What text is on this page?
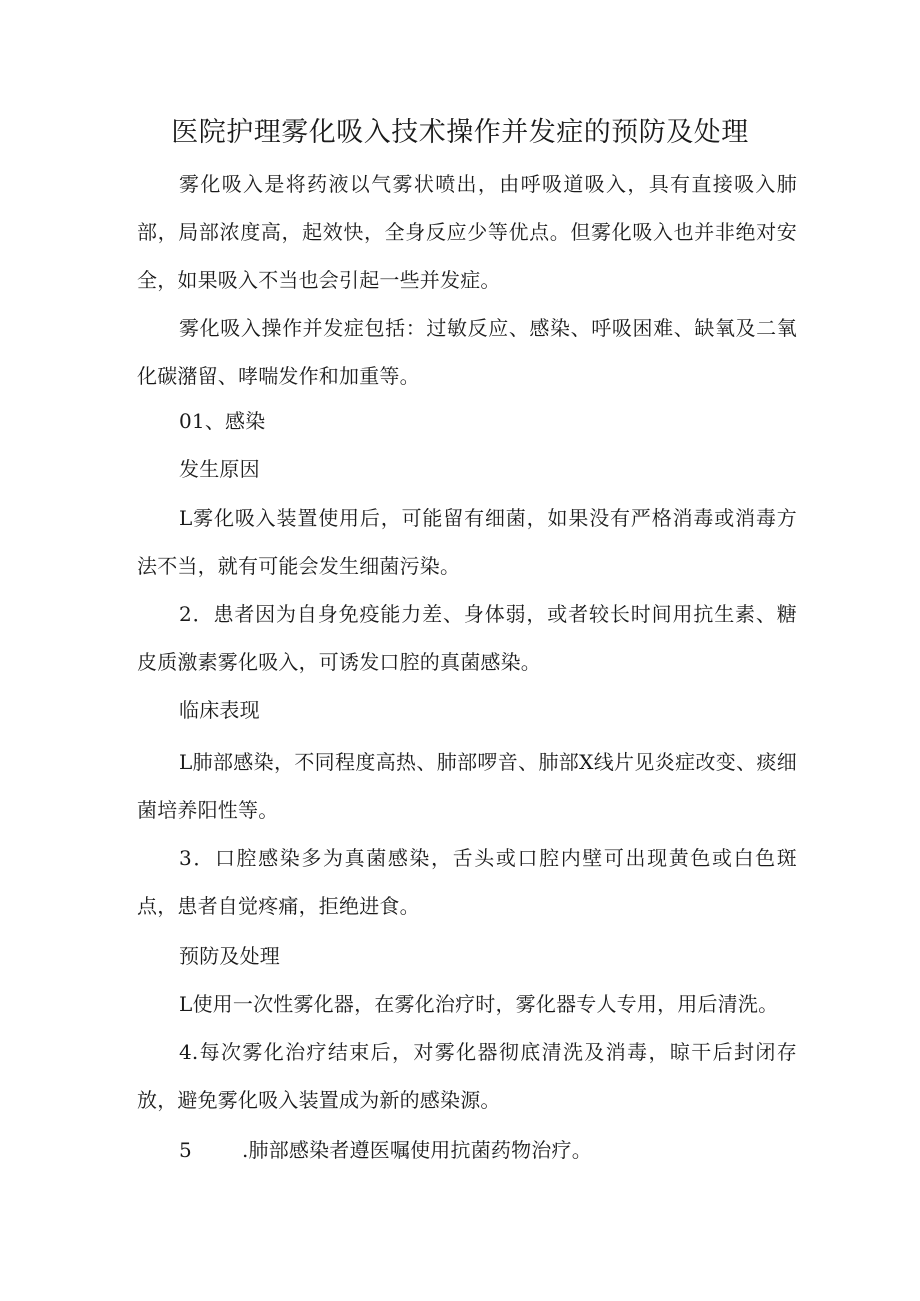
医院护理雾化吸入技术操作并发症的预防及处理

雾化吸入是将药液以气雾状喷出，由呼吸道吸入，具有直接吸入肺部，局部浓度高，起效快，全身反应少等优点。但雾化吸入也并非绝对安全，如果吸入不当也会引起一些并发症。

雾化吸入操作并发症包括：过敏反应、感染、呼吸困难、缺氧及二氧化碳潴留、哮喘发作和加重等。

01、感染

发生原因

L雾化吸入装置使用后，可能留有细菌，如果没有严格消毒或消毒方法不当，就有可能会发生细菌污染。

2．患者因为自身免疫能力差、身体弱，或者较长时间用抗生素、糖皮质激素雾化吸入，可诱发口腔的真菌感染。

临床表现

L肺部感染，不同程度高热、肺部啰音、肺部X线片见炎症改变、痰细菌培养阳性等。

3．口腔感染多为真菌感染，舌头或口腔内壁可出现黄色或白色斑点，患者自觉疼痛，拒绝进食。

预防及处理

L使用一次性雾化器，在雾化治疗时，雾化器专人专用，用后清洗。

4.每次雾化治疗结束后，对雾化器彻底清洗及消毒，晾干后封闭存放，避免雾化吸入装置成为新的感染源。

5	.肺部感染者遵医嘱使用抗菌药物治疗。
